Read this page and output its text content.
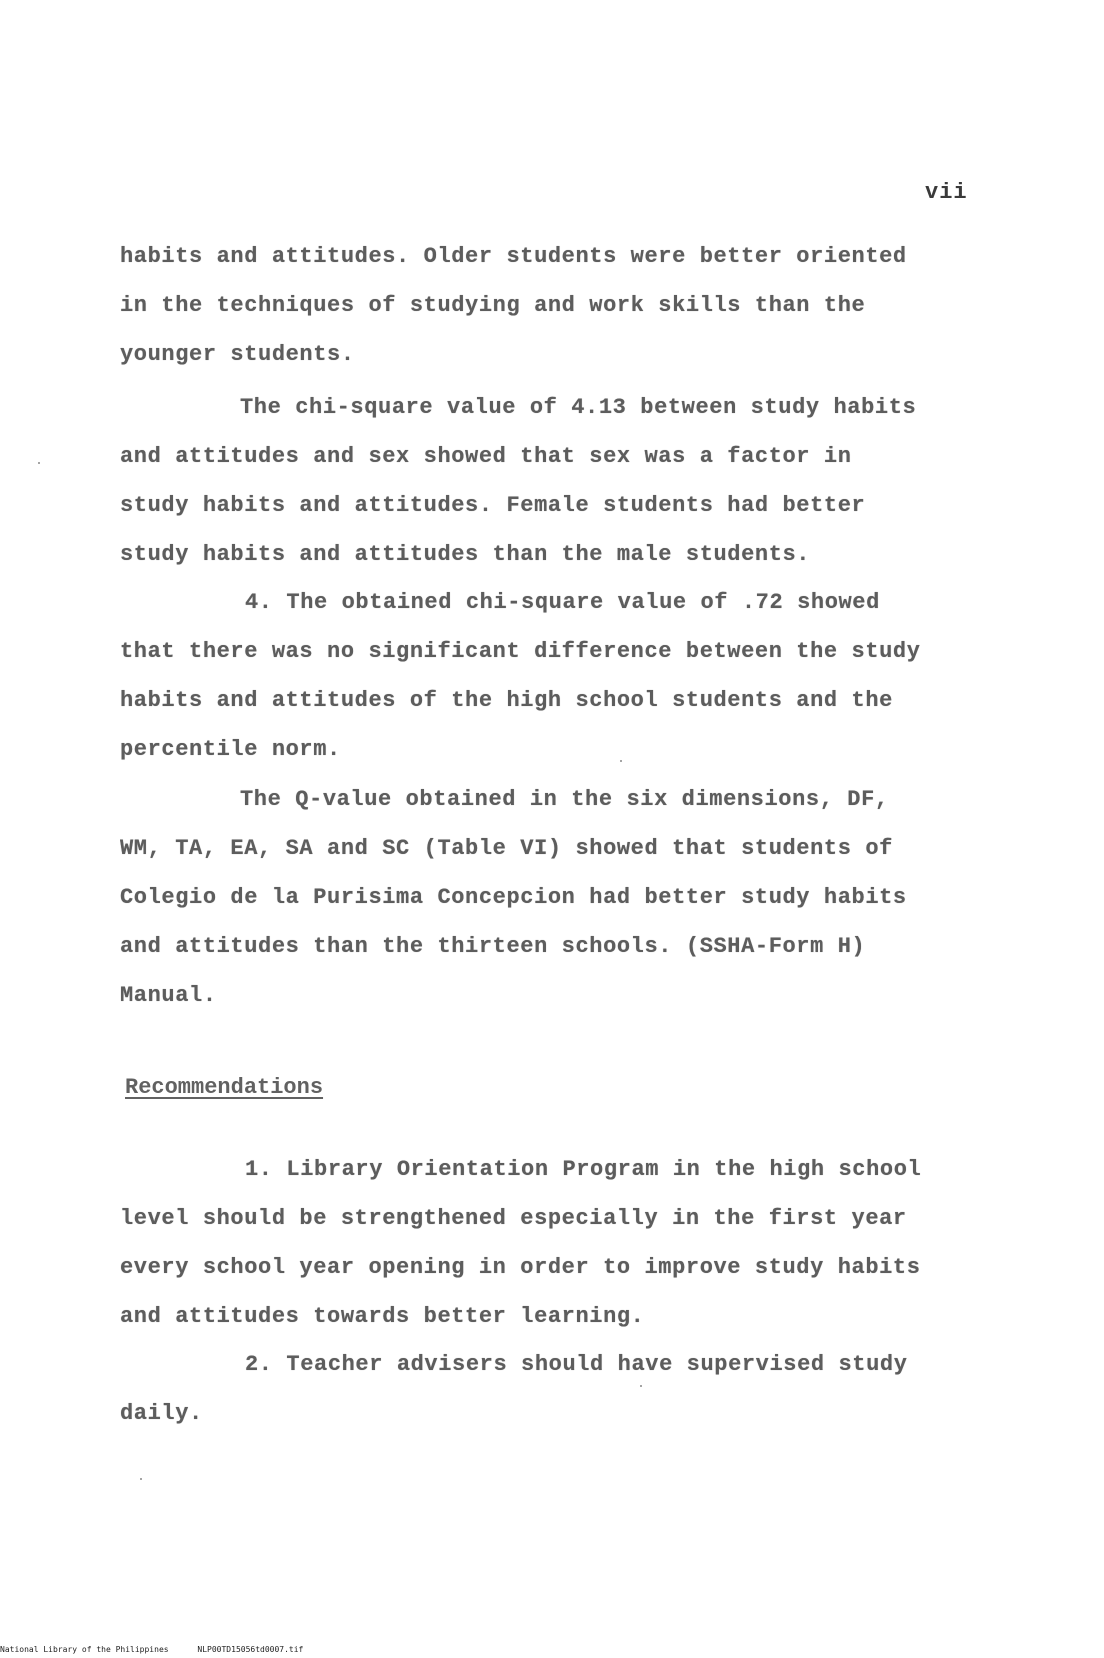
vii
habits and attitudes. Older students were better oriented
in the techniques of studying and work skills than the
younger students.
The chi-square value of 4.13 between study habits
and attitudes and sex showed that sex was a factor in
study habits and attitudes. Female students had better
study habits and attitudes than the male students.
4. The obtained chi-square value of .72 showed
that there was no significant difference between the study
habits and attitudes of the high school students and the
percentile norm.
The Q-value obtained in the six dimensions, DF,
WM, TA, EA, SA and SC (Table VI) showed that students of
Colegio de la Purisima Concepcion had better study habits
and attitudes than the thirteen schools. (SSHA-Form H)
Manual.
Recommendations
1. Library Orientation Program in the high school
level should be strengthened especially in the first year
every school year opening in order to improve study habits
and attitudes towards better learning.
2. Teacher advisers should have supervised study
daily.
National Library of the Philippines	NLP00TD15056td0007.tif
